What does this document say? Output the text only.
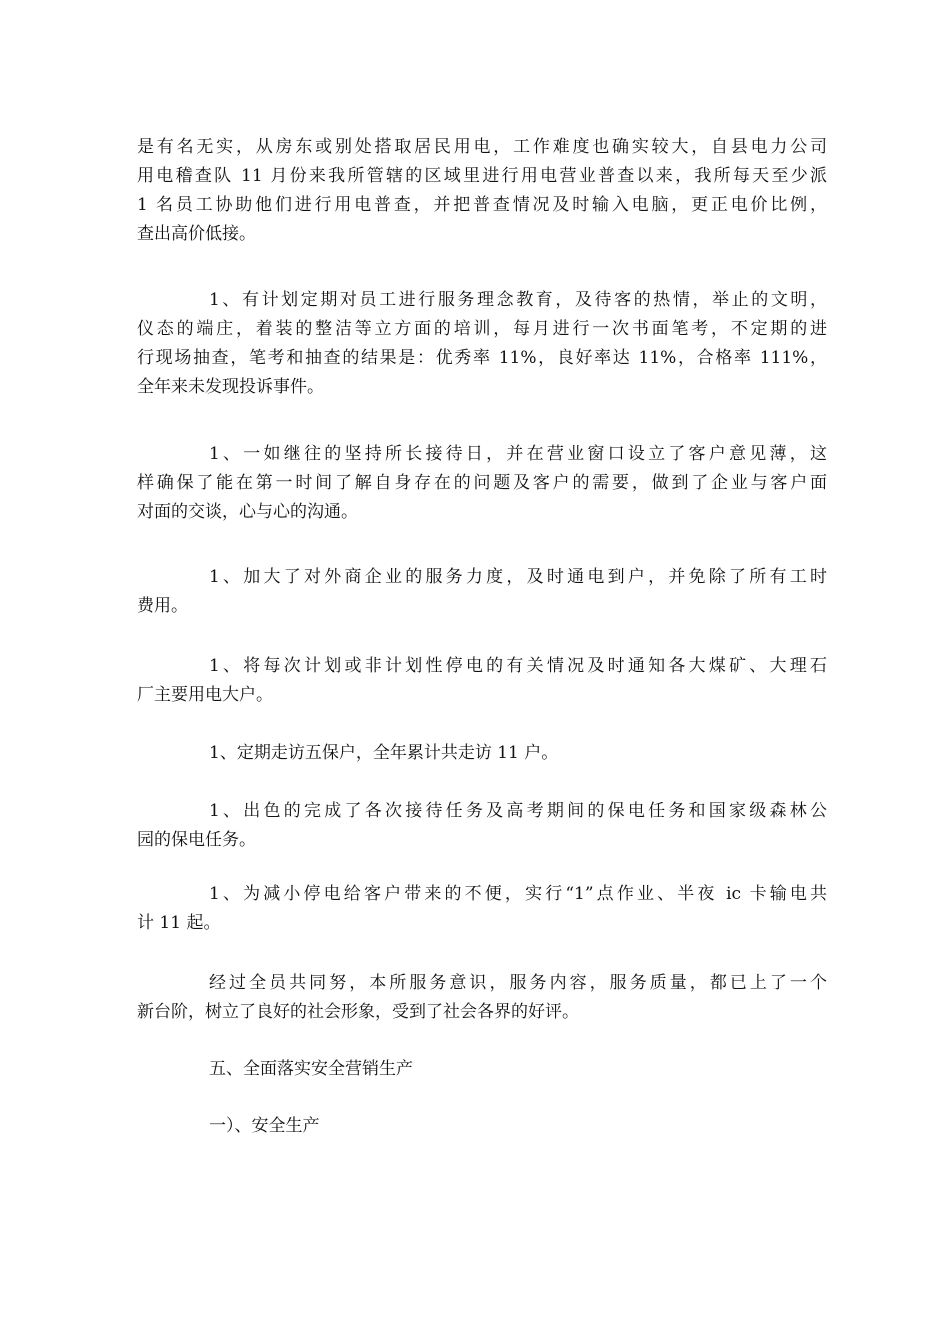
是有名无实，从房东或别处搭取居民用电，工作难度也确实较大，自县电力公司
用电稽查队 11 月份来我所管辖的区域里进行用电营业普查以来，我所每天至少派
1 名员工协助他们进行用电普查，并把普查情况及时输入电脑，更正电价比例，
查出高价低接。
1、有计划定期对员工进行服务理念教育，及待客的热情，举止的文明，
仪态的端庄，着装的整洁等立方面的培训，每月进行一次书面笔考，不定期的进
行现场抽查，笔考和抽查的结果是：优秀率 11%，良好率达 11%，合格率 111%，
全年来未发现投诉事件。
1、一如继往的坚持所长接待日，并在营业窗口设立了客户意见薄，这
样确保了能在第一时间了解自身存在的问题及客户的需要，做到了企业与客户面
对面的交谈，心与心的沟通。
1、加大了对外商企业的服务力度，及时通电到户，并免除了所有工时
费用。
1、将每次计划或非计划性停电的有关情况及时通知各大煤矿、大理石
厂主要用电大户。
1、定期走访五保户，全年累计共走访 11 户。
1、出色的完成了各次接待任务及高考期间的保电任务和国家级森林公
园的保电任务。
1、为减小停电给客户带来的不便，实行“1”点作业、半夜 ic 卡输电共
计 11 起。
经过全员共同努，本所服务意识，服务内容，服务质量，都已上了一个
新台阶，树立了良好的社会形象，受到了社会各界的好评。
五、全面落实安全营销生产
一）、安全生产
